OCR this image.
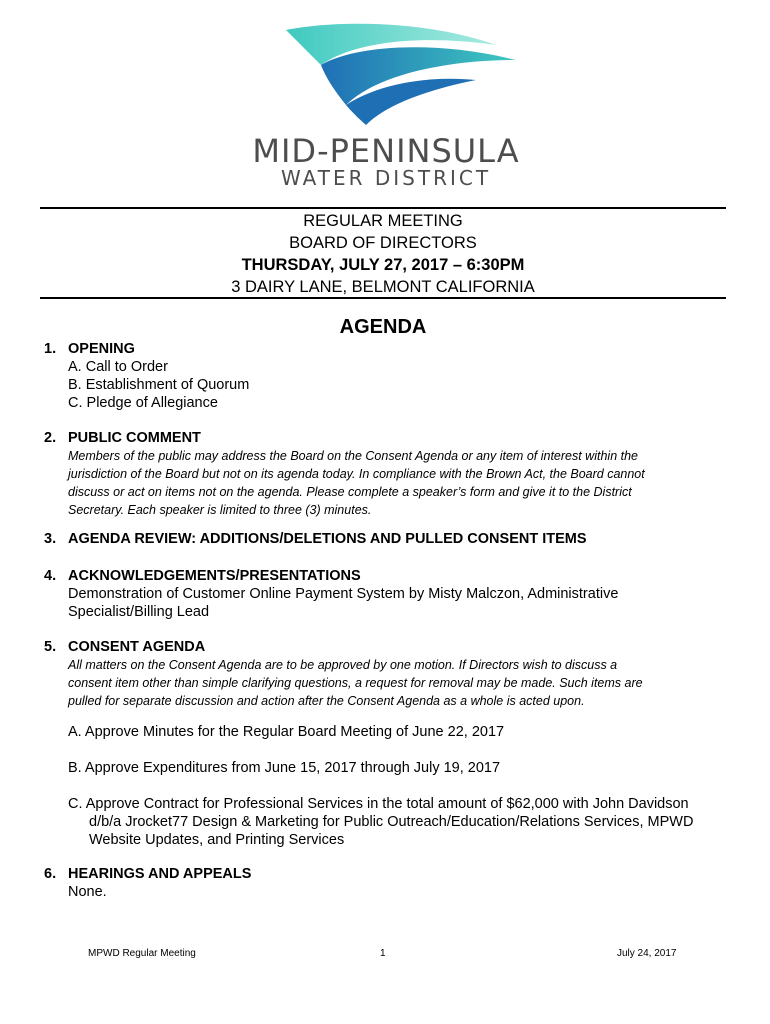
MID-PENINSULA
WATER DISTRICT
REGULAR MEETING
BOARD OF DIRECTORS
THURSDAY, JULY 27, 2017 – 6:30PM
3 DAIRY LANE, BELMONT CALIFORNIA
AGENDA
1. OPENING
A. Call to Order
B. Establishment of Quorum
C. Pledge of Allegiance
2. PUBLIC COMMENT
Members of the public may address the Board on the Consent Agenda or any item of interest within the
jurisdiction of the Board but not on its agenda today. In compliance with the Brown Act, the Board cannot
discuss or act on items not on the agenda. Please complete a speaker’s form and give it to the District
Secretary. Each speaker is limited to three (3) minutes.
3. AGENDA REVIEW: ADDITIONS/DELETIONS AND PULLED CONSENT ITEMS
4. ACKNOWLEDGEMENTS/PRESENTATIONS
Demonstration of Customer Online Payment System by Misty Malczon, Administrative
Specialist/Billing Lead
5. CONSENT AGENDA
All matters on the Consent Agenda are to be approved by one motion. If Directors wish to discuss a
consent item other than simple clarifying questions, a request for removal may be made. Such items are
pulled for separate discussion and action after the Consent Agenda as a whole is acted upon.
A. Approve Minutes for the Regular Board Meeting of June 22, 2017
B. Approve Expenditures from June 15, 2017 through July 19, 2017
C. Approve Contract for Professional Services in the total amount of $62,000 with John Davidson
d/b/a Jrocket77 Design & Marketing for Public Outreach/Education/Relations Services, MPWD
Website Updates, and Printing Services
6. HEARINGS AND APPEALS
None.
MPWD Regular Meeting	1	July 24, 2017
